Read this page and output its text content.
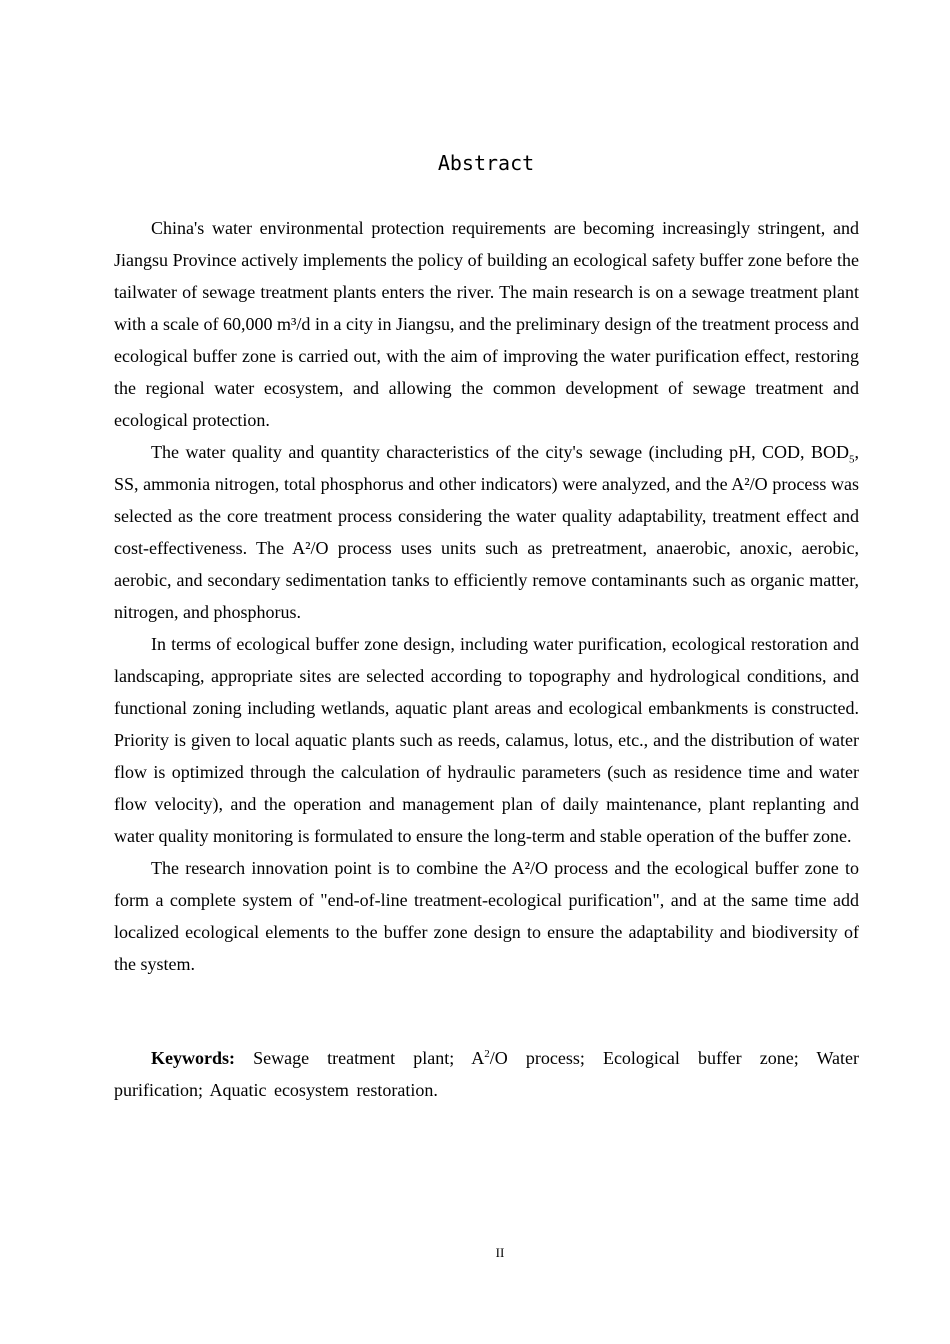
Abstract

China's water environmental protection requirements are becoming increasingly stringent, and Jiangsu Province actively implements the policy of building an ecological safety buffer zone before the tailwater of sewage treatment plants enters the river. The main research is on a sewage treatment plant with a scale of 60,000 m³/d in a city in Jiangsu, and the preliminary design of the treatment process and ecological buffer zone is carried out, with the aim of improving the water purification effect, restoring the regional water ecosystem, and allowing the common development of sewage treatment and ecological protection.

The water quality and quantity characteristics of the city's sewage (including pH, COD, $BOD_5$, SS, ammonia nitrogen, total phosphorus and other indicators) were analyzed, and the A²/O process was selected as the core treatment process considering the water quality adaptability, treatment effect and cost-effectiveness. The A²/O process uses units such as pretreatment, anaerobic, anoxic, aerobic, aerobic, and secondary sedimentation tanks to efficiently remove contaminants such as organic matter, nitrogen, and phosphorus.

In terms of ecological buffer zone design, including water purification, ecological restoration and landscaping, appropriate sites are selected according to topography and hydrological conditions, and functional zoning including wetlands, aquatic plant areas and ecological embankments is constructed. Priority is given to local aquatic plants such as reeds, calamus, lotus, etc., and the distribution of water flow is optimized through the calculation of hydraulic parameters (such as residence time and water flow velocity), and the operation and management plan of daily maintenance, plant replanting and water quality monitoring is formulated to ensure the long-term and stable operation of the buffer zone.

The research innovation point is to combine the A²/O process and the ecological buffer zone to form a complete system of "end-of-line treatment-ecological purification", and at the same time add localized ecological elements to the buffer zone design to ensure the adaptability and biodiversity of the system.

Keywords: Sewage treatment plant; $A^2/O$ process; Ecological buffer zone; Water purification; Aquatic ecosystem restoration.

II
